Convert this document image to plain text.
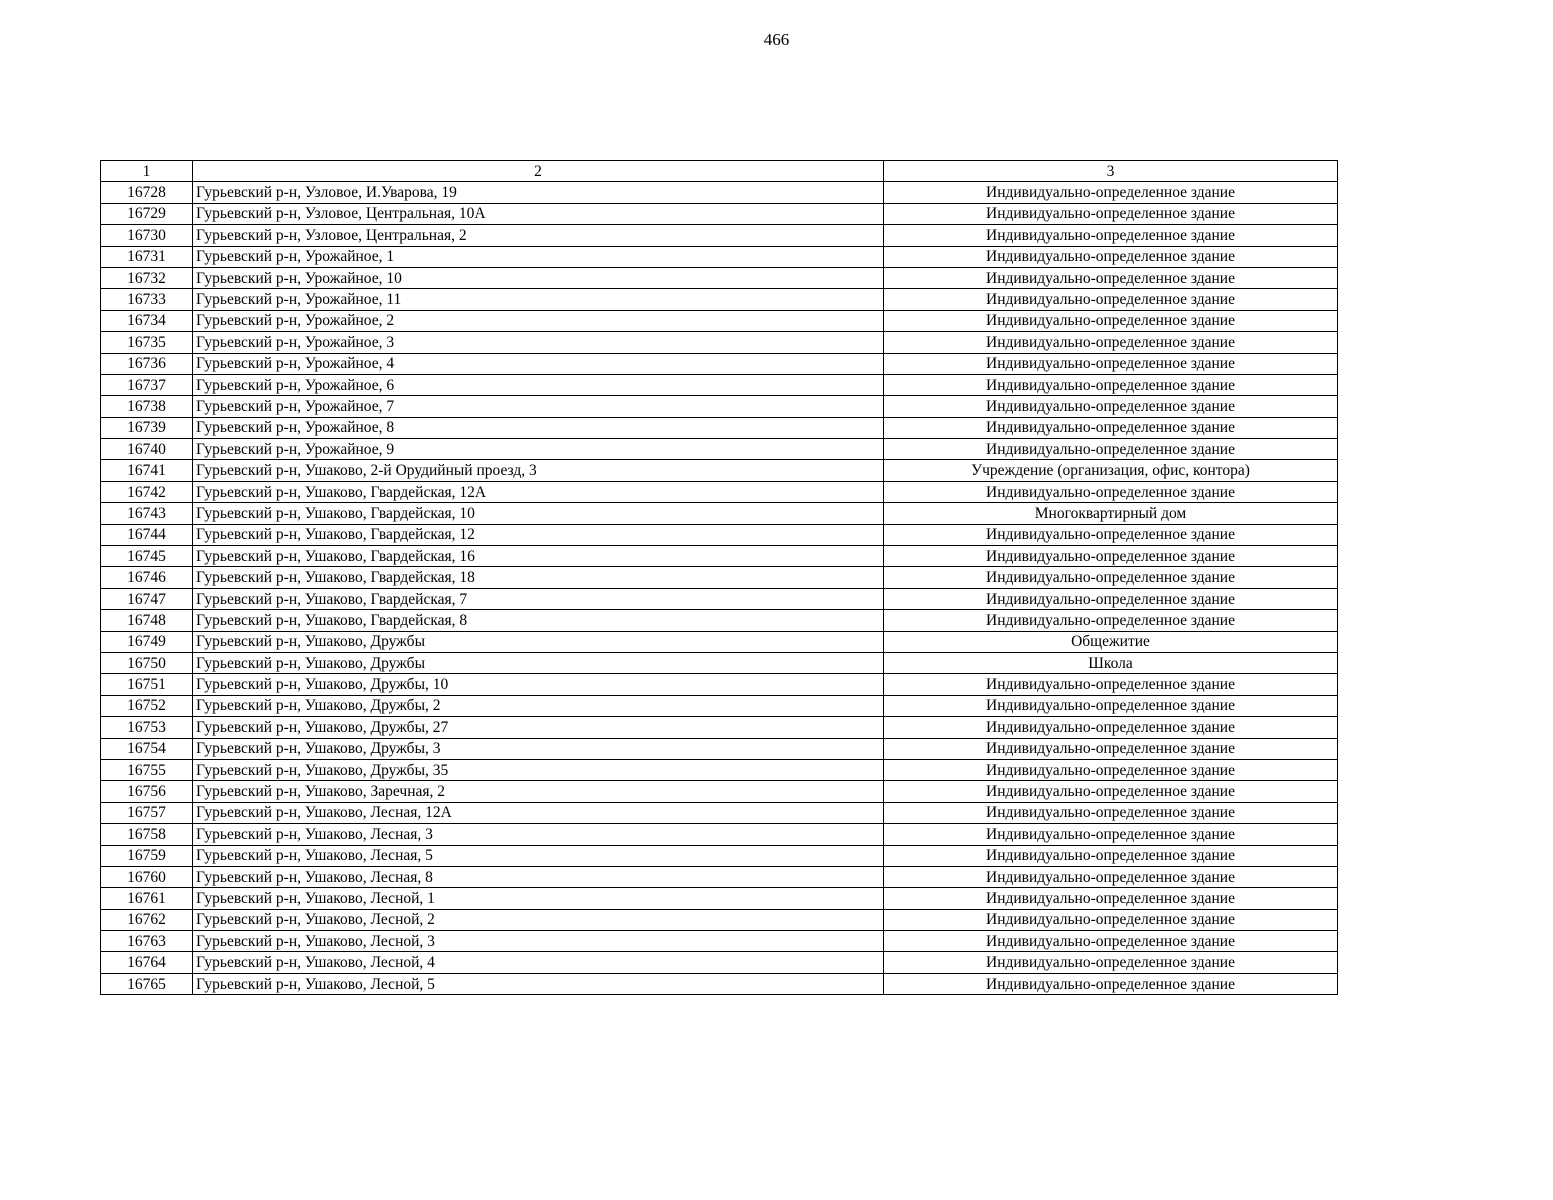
466
1	2	3
16728	Гурьевский р-н, Узловое, И.Уварова, 19	Индивидуально-определенное здание
16729	Гурьевский р-н, Узловое, Центральная, 10А	Индивидуально-определенное здание
16730	Гурьевский р-н, Узловое, Центральная, 2	Индивидуально-определенное здание
16731	Гурьевский р-н, Урожайное, 1	Индивидуально-определенное здание
16732	Гурьевский р-н, Урожайное, 10	Индивидуально-определенное здание
16733	Гурьевский р-н, Урожайное, 11	Индивидуально-определенное здание
16734	Гурьевский р-н, Урожайное, 2	Индивидуально-определенное здание
16735	Гурьевский р-н, Урожайное, 3	Индивидуально-определенное здание
16736	Гурьевский р-н, Урожайное, 4	Индивидуально-определенное здание
16737	Гурьевский р-н, Урожайное, 6	Индивидуально-определенное здание
16738	Гурьевский р-н, Урожайное, 7	Индивидуально-определенное здание
16739	Гурьевский р-н, Урожайное, 8	Индивидуально-определенное здание
16740	Гурьевский р-н, Урожайное, 9	Индивидуально-определенное здание
16741	Гурьевский р-н, Ушаково, 2-й Орудийный проезд, 3	Учреждение (организация, офис, контора)
16742	Гурьевский р-н, Ушаково, Гвардейская, 12А	Индивидуально-определенное здание
16743	Гурьевский р-н, Ушаково, Гвардейская, 10	Многоквартирный дом
16744	Гурьевский р-н, Ушаково, Гвардейская, 12	Индивидуально-определенное здание
16745	Гурьевский р-н, Ушаково, Гвардейская, 16	Индивидуально-определенное здание
16746	Гурьевский р-н, Ушаково, Гвардейская, 18	Индивидуально-определенное здание
16747	Гурьевский р-н, Ушаково, Гвардейская, 7	Индивидуально-определенное здание
16748	Гурьевский р-н, Ушаково, Гвардейская, 8	Индивидуально-определенное здание
16749	Гурьевский р-н, Ушаково, Дружбы	Общежитие
16750	Гурьевский р-н, Ушаково, Дружбы	Школа
16751	Гурьевский р-н, Ушаково, Дружбы, 10	Индивидуально-определенное здание
16752	Гурьевский р-н, Ушаково, Дружбы, 2	Индивидуально-определенное здание
16753	Гурьевский р-н, Ушаково, Дружбы, 27	Индивидуально-определенное здание
16754	Гурьевский р-н, Ушаково, Дружбы, 3	Индивидуально-определенное здание
16755	Гурьевский р-н, Ушаково, Дружбы, 35	Индивидуально-определенное здание
16756	Гурьевский р-н, Ушаково, Заречная, 2	Индивидуально-определенное здание
16757	Гурьевский р-н, Ушаково, Лесная, 12А	Индивидуально-определенное здание
16758	Гурьевский р-н, Ушаково, Лесная, 3	Индивидуально-определенное здание
16759	Гурьевский р-н, Ушаково, Лесная, 5	Индивидуально-определенное здание
16760	Гурьевский р-н, Ушаково, Лесная, 8	Индивидуально-определенное здание
16761	Гурьевский р-н, Ушаково, Лесной, 1	Индивидуально-определенное здание
16762	Гурьевский р-н, Ушаково, Лесной, 2	Индивидуально-определенное здание
16763	Гурьевский р-н, Ушаково, Лесной, 3	Индивидуально-определенное здание
16764	Гурьевский р-н, Ушаково, Лесной, 4	Индивидуально-определенное здание
16765	Гурьевский р-н, Ушаково, Лесной, 5	Индивидуально-определенное здание
